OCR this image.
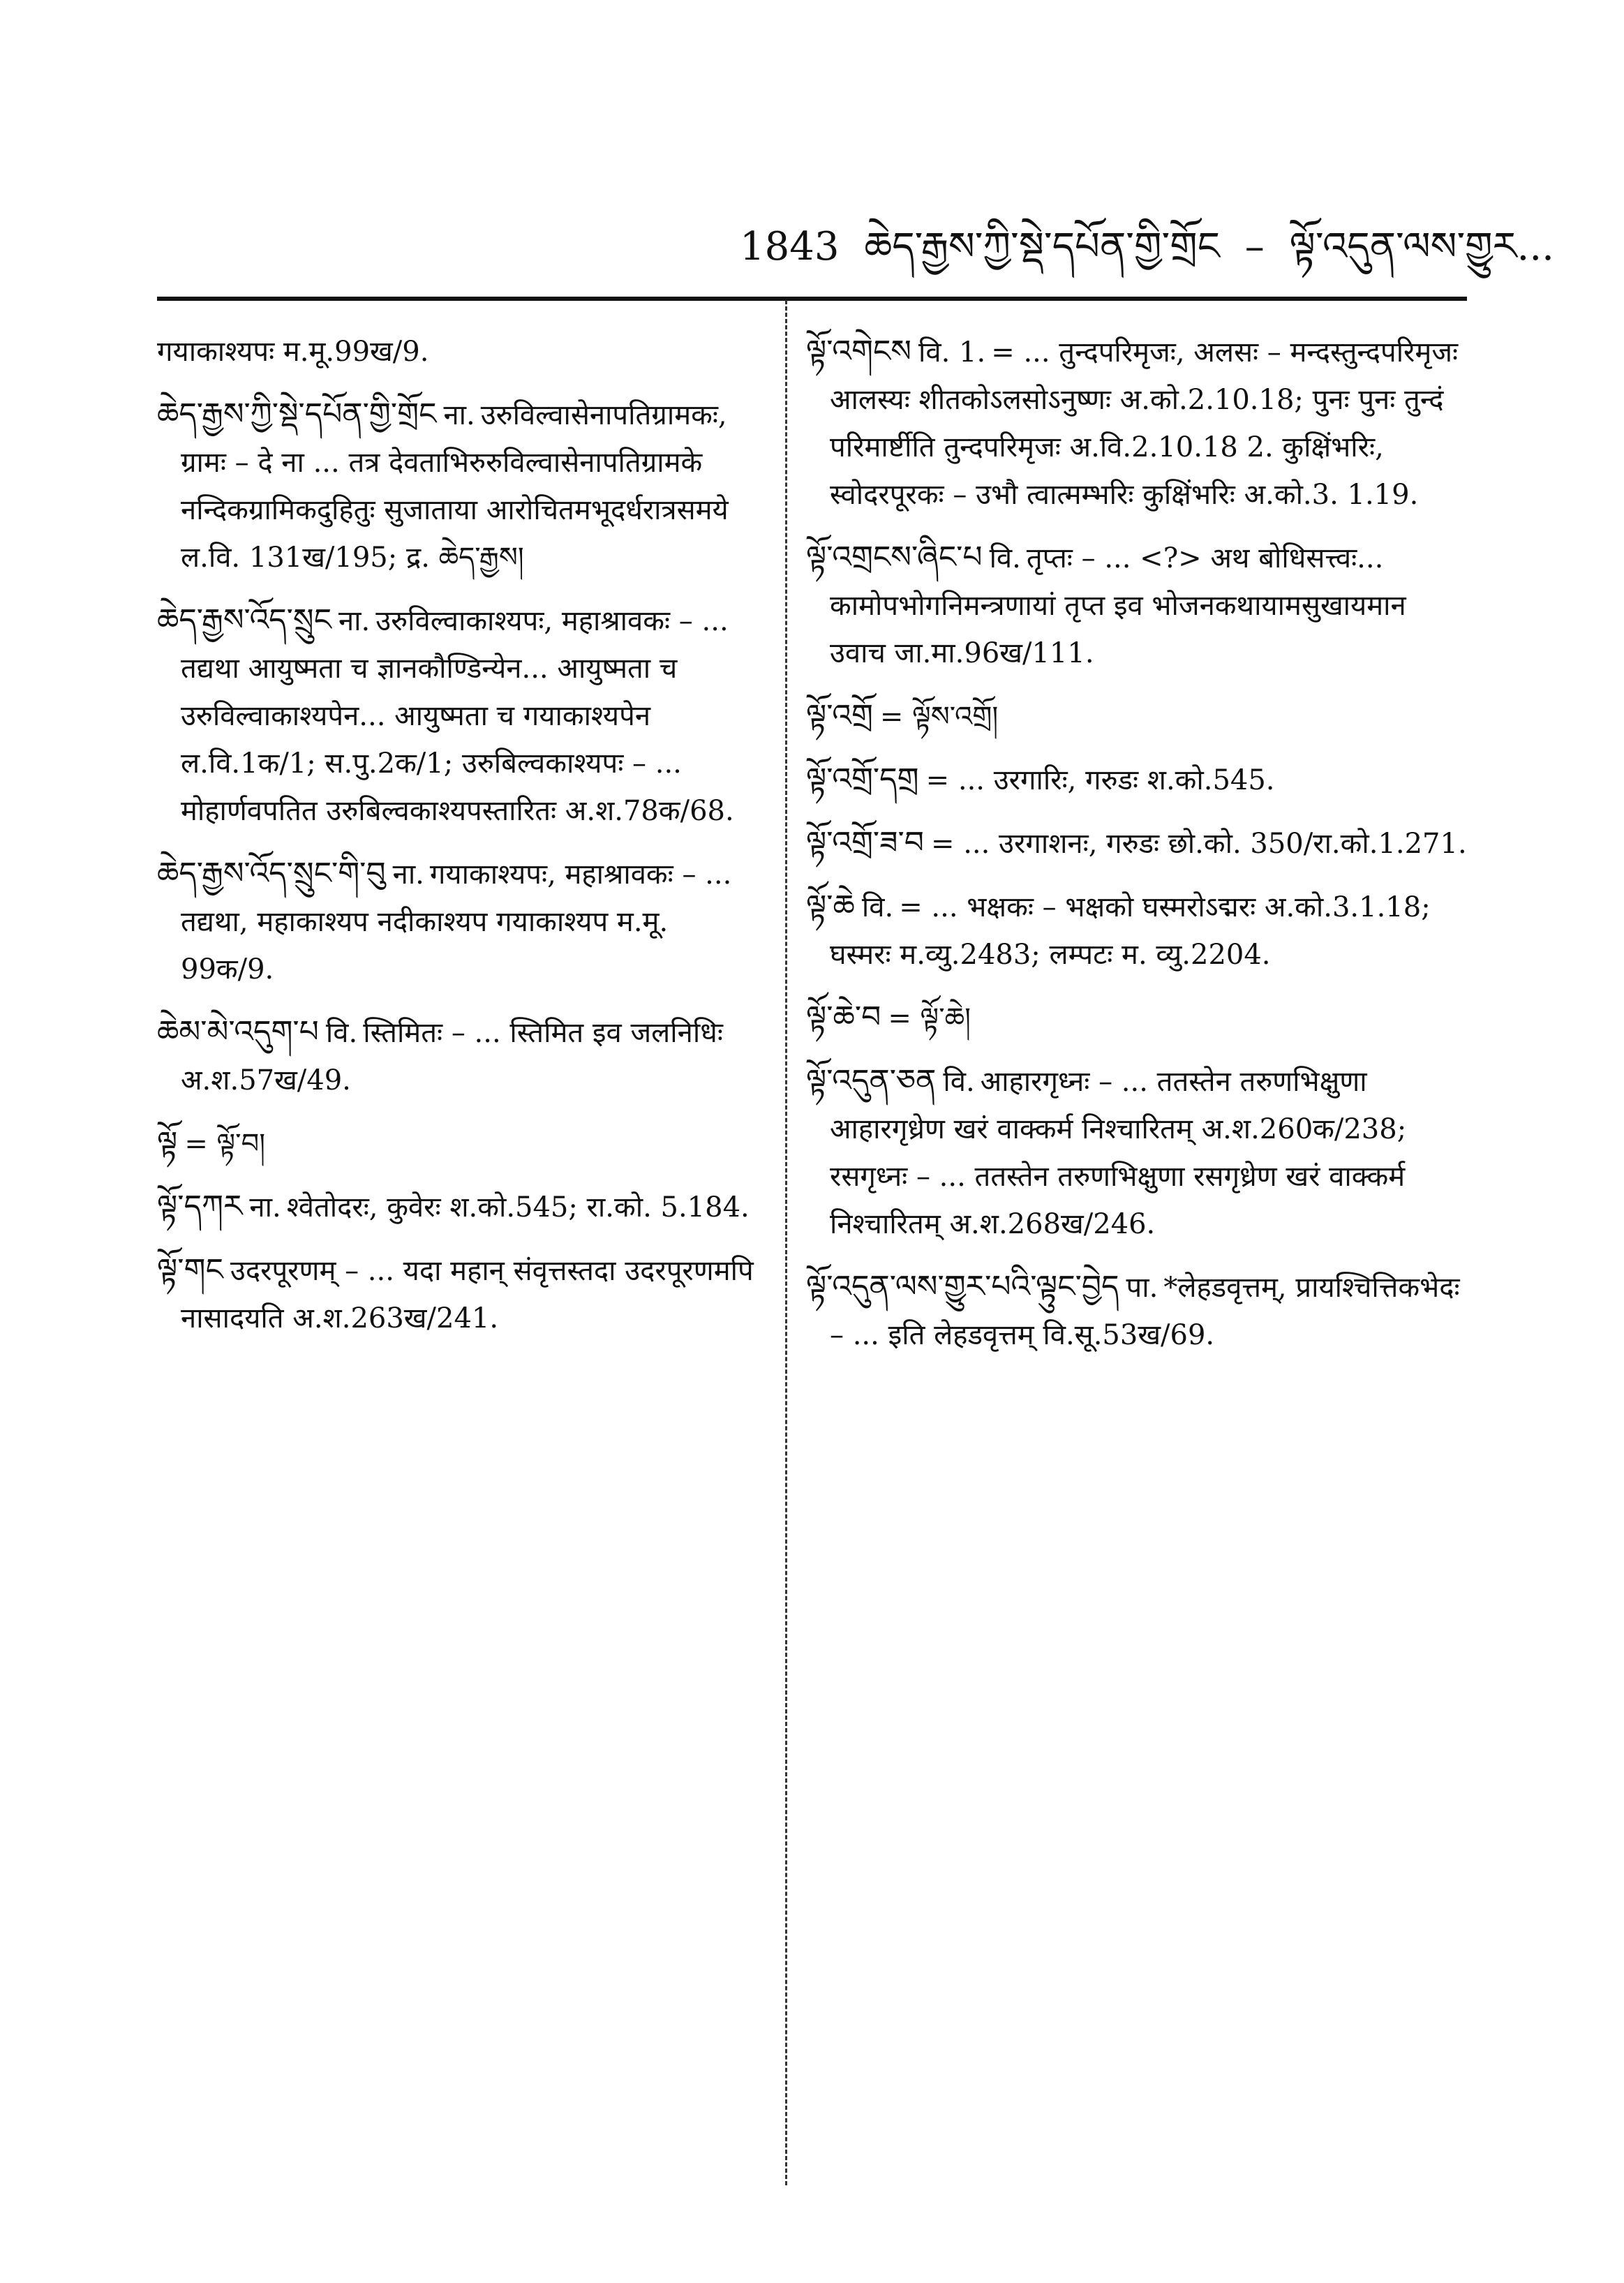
1843 ཆེད་རྒྱས་ཀྱི་སྡེ་དཔོན་གྱི་གྲོང – ལྟོ་འདུན་ལས་གྱུར...

गयाकाश्यपः म.मू.99ख/9.

ཆེད་རྒྱས་ཀྱི་སྡེ་དཔོན་གྱི་གྲོང ना. उरुविल्वासेनापतिग्रामकः, ग्रामः – दे ना ... तत्र देवताभिरुरुविल्वासेनापतिग्रामके नन्दिकग्रामिकदुहितुः सुजाताया आरोचितमभूदर्धरात्रसमये ल.वि. 131ख/195; द्र. ཆེད་རྒྱས།

ཆེད་རྒྱས་འོད་སྲུང ना. उरुविल्वाकाश्यपः, महाश्रावकः – ... तद्यथा आयुष्मता च ज्ञानकौण्डिन्येन... आयुष्मता च उरुविल्वाकाश्यपेन... आयुष्मता च गयाकाश्यपेन ल.वि.1क/1; स.पु.2क/1; उरुबिल्वकाश्यपः – ... मोहार्णवपतित उरुबिल्वकाश्यपस्तारितः अ.श.78क/68.

ཆེད་རྒྱས་འོད་སྲུང་གི་བུ ना. गयाकाश्यपः, महाश्रावकः – ... तद्यथा, महाकाश्यप नदीकाश्यप गयाकाश्यप म.मू. 99क/9.

ཆེམ་མེ་འདུག་པ वि. स्तिमितः – ... स्तिमित इव जलनिधिः अ.श.57ख/49.

ལྟོ = ལྟོ་བ།

ལྟོ་དཀར ना. श्वेतोदरः, कुवेरः श.को.545; रा.को. 5.184.

ལྟོ་གང उदरपूरणम् – ... यदा महान् संवृत्तस्तदा उदरपूरणमपि नासादयति अ.श.263ख/241.

ལྟོ་འགེངས वि. 1. = ... तुन्दपरिमृजः, अलसः – मन्दस्तुन्दपरिमृजः आलस्यः शीतकोऽलसोऽनुष्णः अ.को.2.10.18; पुनः पुनः तुन्दं परिमार्ष्टीति तुन्दपरिमृजः अ.वि.2.10.18 2. कुक्षिंभरिः, स्वोदरपूरकः – उभौ त्वात्मम्भरिः कुक्षिंभरिः अ.को.3. 1.19.

ལྟོ་འགྲངས་ཞིང་པ वि. तृप्तः – ... <?> अथ बोधिसत्त्वः... कामोपभोगनिमन्त्रणायां तृप्त इव भोजनकथायामसुखायमान उवाच जा.मा.96ख/111.

ལྟོ་འགྲོ = ལྟོས་འགྲོ།

ལྟོ་འགྲོ་དགྲ = ... उरगारिः, गरुडः श.को.545.

ལྟོ་འགྲོ་ཟ་བ = ... उरगाशनः, गरुडः छो.को. 350/रा.को.1.271.

ལྟོ་ཆེ वि. = ... भक्षकः – भक्षको घस्मरोऽद्मरः अ.को.3.1.18; घस्मरः म.व्यु.2483; लम्पटः म. व्यु.2204.

ལྟོ་ཆེ་བ = ལྟོ་ཆེ།

ལྟོ་འདུན་ཅན वि. आहारगृध्नः – ... ततस्तेन तरुणभिक्षुणा आहारगृध्रेण खरं वाक्कर्म निश्चारितम् अ.श.260क/238; रसगृध्नः – ... ततस्तेन तरुणभिक्षुणा रसगृध्रेण खरं वाक्कर्म निश्चारितम् अ.श.268ख/246.

ལྟོ་འདུན་ལས་གྱུར་པའི་ལྟུང་བྱེད पा. *लेहडवृत्तम्, प्रायश्चित्तिकभेदः – ... इति लेहडवृत्तम् वि.सू.53ख/69.
